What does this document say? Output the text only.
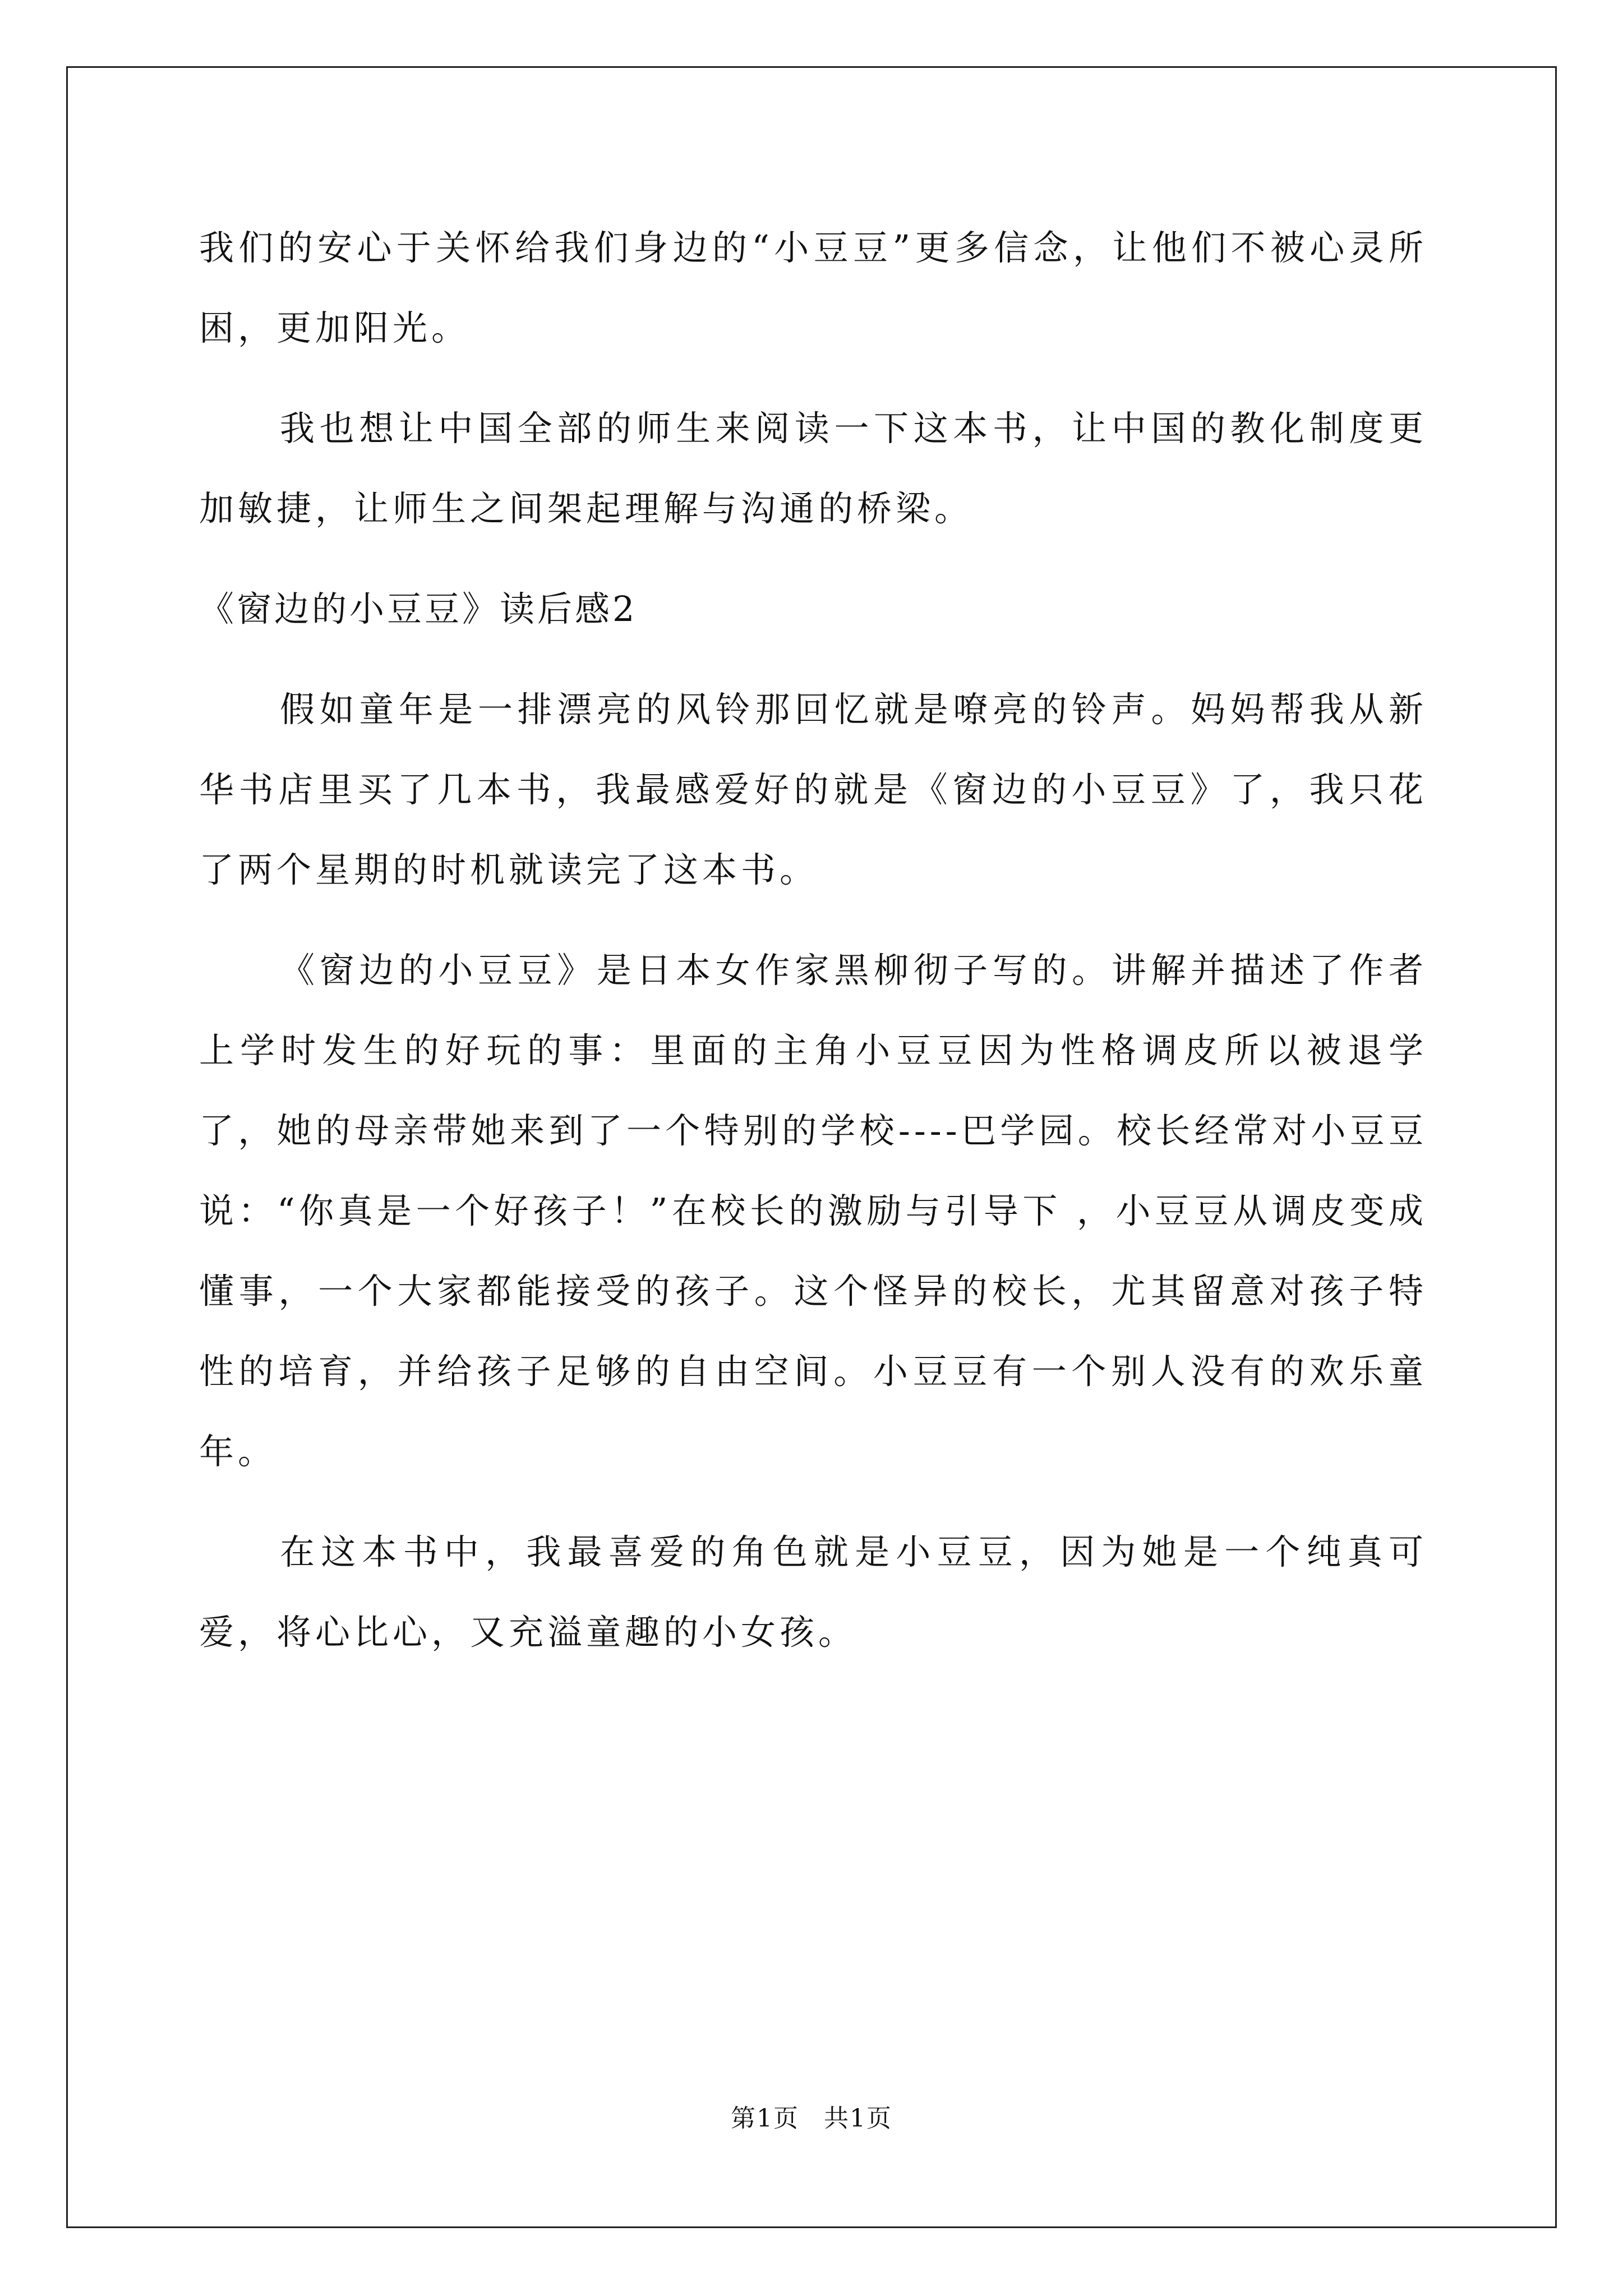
我们的安心于关怀给我们身边的“小豆豆”更多信念，让他们不被心灵所困，更加阳光。

我也想让中国全部的师生来阅读一下这本书，让中国的教化制度更加敏捷，让师生之间架起理解与沟通的桥梁。

《窗边的小豆豆》读后感2

假如童年是一排漂亮的风铃那回忆就是嘹亮的铃声。妈妈帮我从新华书店里买了几本书，我最感爱好的就是《窗边的小豆豆》了，我只花了两个星期的时机就读完了这本书。

《窗边的小豆豆》是日本女作家黑柳彻子写的。讲解并描述了作者上学时发生的好玩的事：里面的主角小豆豆因为性格调皮所以被退学了，她的母亲带她来到了一个特别的学校----巴学园。校长经常对小豆豆说：“你真是一个好孩子！”在校长的激励与引导下 ，小豆豆从调皮变成懂事，一个大家都能接受的孩子。这个怪异的校长，尤其留意对孩子特性的培育，并给孩子足够的自由空间。小豆豆有一个别人没有的欢乐童年。

在这本书中，我最喜爱的角色就是小豆豆，因为她是一个纯真可爱，将心比心，又充溢童趣的小女孩。

第1页 共1页
